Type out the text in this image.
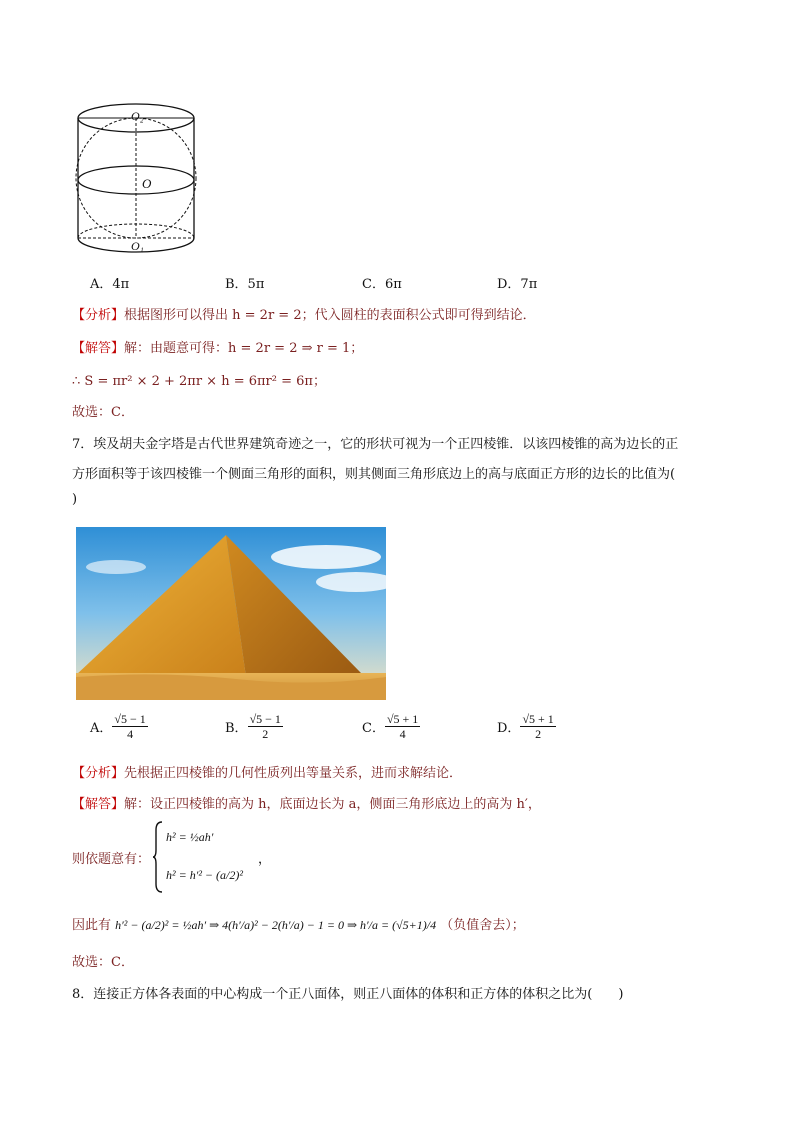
O₂
O
O₁
A．4π	B．5π	C．6π	D．7π
【分析】根据图形可以得出 h = 2r = 2；代入圆柱的表面积公式即可得到结论．
【解答】解：由题意可得：h = 2r = 2 ⇒ r = 1；
∴ S = πr² × 2 + 2πr × h = 6πr² = 6π；
故选：C．
7．埃及胡夫金字塔是古代世界建筑奇迹之一，它的形状可视为一个正四棱锥．以该四棱锥的高为边长的正
方形面积等于该四棱锥一个侧面三角形的面积，则其侧面三角形底边上的高与底面正方形的边长的比值为(
)
A． $\frac{√5 - 1}{4}$	B． $\frac{√5 - 1}{2}$	C． $\frac{√5 + 1}{4}$	D． $\frac{√5 + 1}{2}$
【分析】先根据正四棱锥的几何性质列出等量关系，进而求解结论．
【解答】解：设正四棱锥的高为 h，底面边长为 a，侧面三角形底边上的高为 h′，
则依题意有：
h² = ½ah′
h² = h′² − (a/2)²
，
因此有 h′² − (a/2)² = ½ah′ ⇒ 4(h′/a)² − 2(h′/a) − 1 = 0 ⇒ h′/a = (√5+1)/4 （负值舍去）；
故选：C．
8．连接正方体各表面的中心构成一个正八面体，则正八面体的体积和正方体的体积之比为(　　)
